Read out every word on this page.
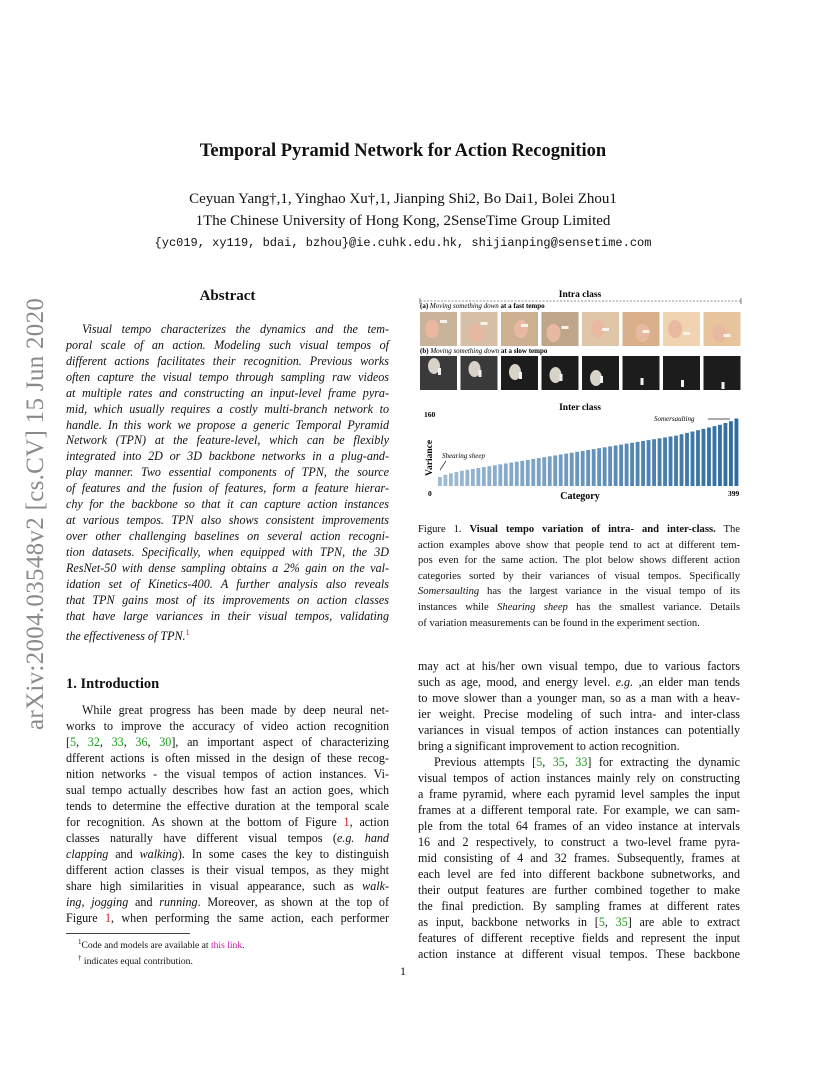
arXiv:2004.03548v2 [cs.CV] 15 Jun 2020
Temporal Pyramid Network for Action Recognition
Ceyuan Yang†,1, Yinghao Xu†,1, Jianping Shi2, Bo Dai1, Bolei Zhou1
1The Chinese University of Hong Kong, 2SenseTime Group Limited
{yc019, xy119, bdai, bzhou}@ie.cuhk.edu.hk, shijianping@sensetime.com
Abstract
Visual tempo characterizes the dynamics and the tem-
poral scale of an action. Modeling such visual tempos of
different actions facilitates their recognition. Previous works
often capture the visual tempo through sampling raw videos
at multiple rates and constructing an input-level frame pyra-
mid, which usually requires a costly multi-branch network to
handle. In this work we propose a generic Temporal Pyramid
Network (TPN) at the feature-level, which can be flexibly
integrated into 2D or 3D backbone networks in a plug-and-
play manner. Two essential components of TPN, the source
of features and the fusion of features, form a feature hierar-
chy for the backbone so that it can capture action instances
at various tempos. TPN also shows consistent improvements
over other challenging baselines on several action recogni-
tion datasets. Specifically, when equipped with TPN, the 3D
ResNet-50 with dense sampling obtains a 2% gain on the val-
idation set of Kinetics-400. A further analysis also reveals
that TPN gains most of its improvements on action classes
that have large variances in their visual tempos, validating
the effectiveness of TPN.$^1$
1. Introduction
While great progress has been made by deep neural net-
works to improve the accuracy of video action recognition
[5, 32, 33, 36, 30], an important aspect of characterizing
dfferent actions is often missed in the design of these recog-
nition networks - the visual tempos of action instances. Vi-
sual tempo actually describes how fast an action goes, which
tends to determine the effective duration at the temporal scale
for recognition. As shown at the bottom of Figure 1, action
classes naturally have different visual tempos (e.g. hand
clapping and walking). In some cases the key to distinguish
different action classes is their visual tempos, as they might
share high similarities in visual appearance, such as walk-
ing, jogging and running. Moreover, as shown at the top of
Figure 1, when performing the same action, each performer
$^1$Code and models are available at this link.
† indicates equal contribution.
1
Intra class
(a) Moving something down at a fast tempo
(b) Moving something down at a slow tempo
Inter class
160
0	399
Category
Variance Shearing sheep
Somersaulting
Figure 1. Visual tempo variation of intra- and inter-class. The
action examples above show that people tend to act at different tem-
pos even for the same action. The plot below shows different action
categories sorted by their variances of visual tempos. Specifically
Somersaulting has the largest variance in the visual tempo of its
instances while Shearing sheep has the smallest variance. Details
of variation measurements can be found in the experiment section.
may act at his/her own visual tempo, due to various factors
such as age, mood, and energy level. e.g. ,an elder man tends
to move slower than a younger man, so as a man with a heav-
ier weight. Precise modeling of such intra- and inter-class
variances in visual tempos of action instances can potentially
bring a significant improvement to action recognition.
Previous attempts [5, 35, 33] for extracting the dynamic
visual tempos of action instances mainly rely on constructing
a frame pyramid, where each pyramid level samples the input
frames at a different temporal rate. For example, we can sam-
ple from the total 64 frames of an video instance at intervals
16 and 2 respectively, to construct a two-level frame pyra-
mid consisting of 4 and 32 frames. Subsequently, frames at
each level are fed into different backbone subnetworks, and
their output features are further combined together to make
the final prediction. By sampling frames at different rates
as input, backbone networks in [5, 35] are able to extract
features of different receptive fields and represent the input
action instance at different visual tempos. These backbone
